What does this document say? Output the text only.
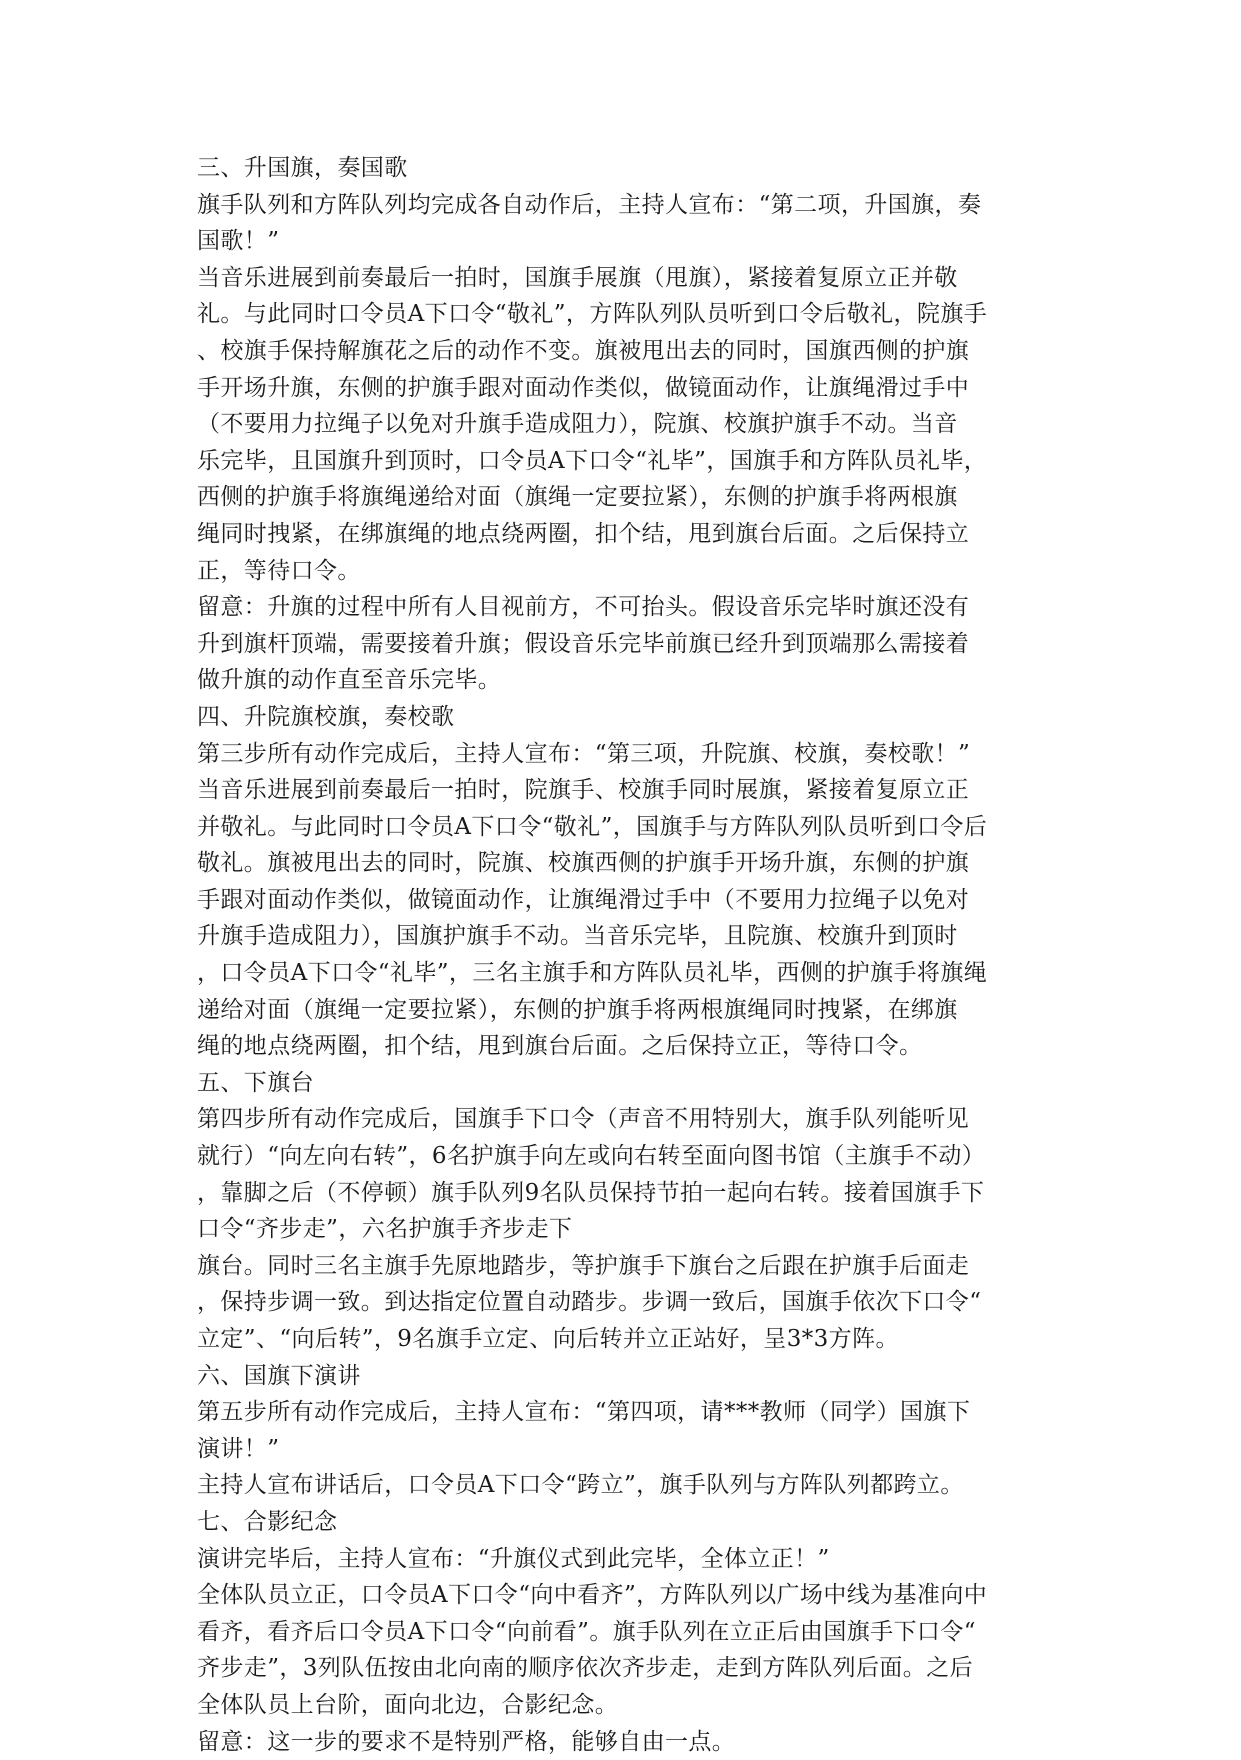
三、升国旗，奏国歌
旗手队列和方阵队列均完成各自动作后，主持人宣布：“第二项，升国旗，奏
国歌！”
当音乐进展到前奏最后一拍时，国旗手展旗（甩旗），紧接着复原立正并敬
礼。与此同时口令员A下口令“敬礼”，方阵队列队员听到口令后敬礼，院旗手
、校旗手保持解旗花之后的动作不变。旗被甩出去的同时，国旗西侧的护旗
手开场升旗，东侧的护旗手跟对面动作类似，做镜面动作，让旗绳滑过手中
（不要用力拉绳子以免对升旗手造成阻力），院旗、校旗护旗手不动。当音
乐完毕，且国旗升到顶时，口令员A下口令“礼毕”，国旗手和方阵队员礼毕，
西侧的护旗手将旗绳递给对面（旗绳一定要拉紧），东侧的护旗手将两根旗
绳同时拽紧，在绑旗绳的地点绕两圈，扣个结，甩到旗台后面。之后保持立
正，等待口令。
留意：升旗的过程中所有人目视前方，不可抬头。假设音乐完毕时旗还没有
升到旗杆顶端，需要接着升旗；假设音乐完毕前旗已经升到顶端那么需接着
做升旗的动作直至音乐完毕。
四、升院旗校旗，奏校歌
第三步所有动作完成后，主持人宣布：“第三项，升院旗、校旗，奏校歌！”
当音乐进展到前奏最后一拍时，院旗手、校旗手同时展旗，紧接着复原立正
并敬礼。与此同时口令员A下口令“敬礼”，国旗手与方阵队列队员听到口令后
敬礼。旗被甩出去的同时，院旗、校旗西侧的护旗手开场升旗，东侧的护旗
手跟对面动作类似，做镜面动作，让旗绳滑过手中（不要用力拉绳子以免对
升旗手造成阻力），国旗护旗手不动。当音乐完毕，且院旗、校旗升到顶时
，口令员A下口令“礼毕”，三名主旗手和方阵队员礼毕，西侧的护旗手将旗绳
递给对面（旗绳一定要拉紧），东侧的护旗手将两根旗绳同时拽紧，在绑旗
绳的地点绕两圈，扣个结，甩到旗台后面。之后保持立正，等待口令。
五、下旗台
第四步所有动作完成后，国旗手下口令（声音不用特别大，旗手队列能听见
就行）“向左向右转”，6名护旗手向左或向右转至面向图书馆（主旗手不动）
，靠脚之后（不停顿）旗手队列9名队员保持节拍一起向右转。接着国旗手下
口令“齐步走”，六名护旗手齐步走下
旗台。同时三名主旗手先原地踏步，等护旗手下旗台之后跟在护旗手后面走
，保持步调一致。到达指定位置自动踏步。步调一致后，国旗手依次下口令“
立定”、“向后转”，9名旗手立定、向后转并立正站好，呈3*3方阵。
六、国旗下演讲
第五步所有动作完成后，主持人宣布：“第四项，请***教师（同学）国旗下
演讲！”
主持人宣布讲话后，口令员A下口令“跨立”，旗手队列与方阵队列都跨立。
七、合影纪念
演讲完毕后，主持人宣布：“升旗仪式到此完毕，全体立正！”
全体队员立正，口令员A下口令“向中看齐”，方阵队列以广场中线为基准向中
看齐，看齐后口令员A下口令“向前看”。旗手队列在立正后由国旗手下口令“
齐步走”，3列队伍按由北向南的顺序依次齐步走，走到方阵队列后面。之后
全体队员上台阶，面向北边，合影纪念。
留意：这一步的要求不是特别严格，能够自由一点。
